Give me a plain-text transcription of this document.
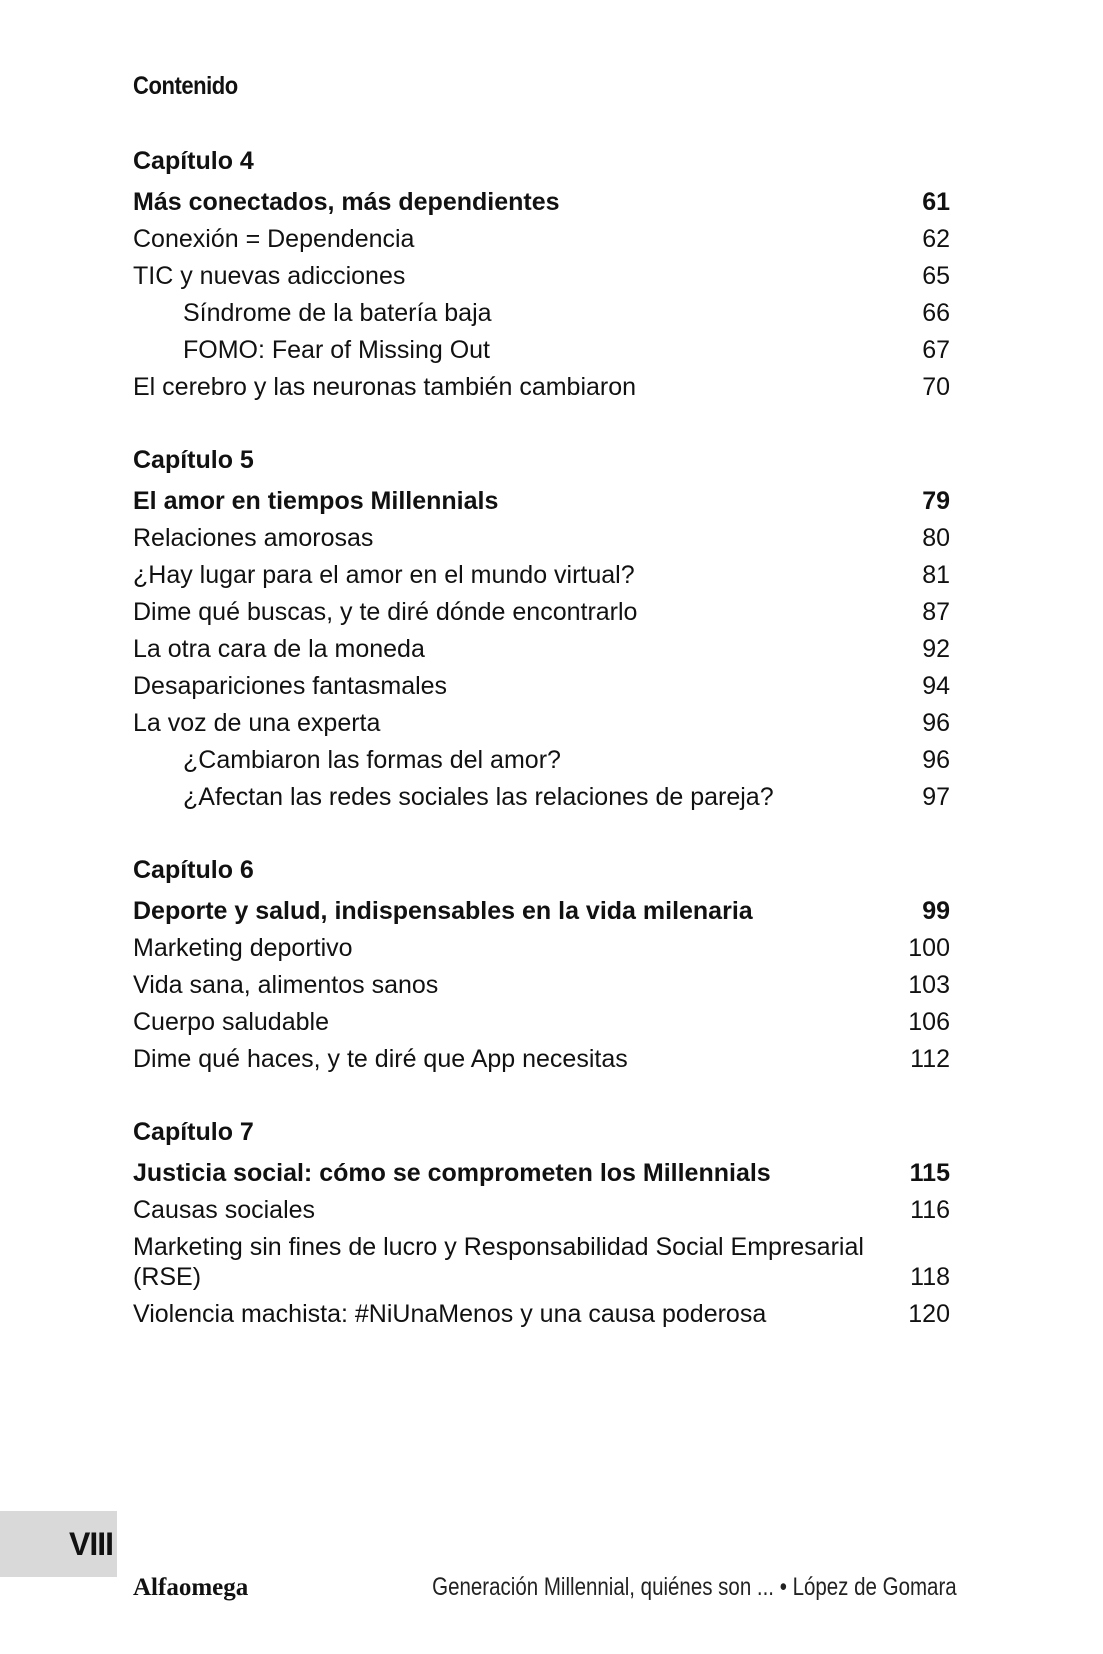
Contenido
Capítulo 4
Más conectados, más dependientes	61
Conexión = Dependencia	62
TIC y nuevas adicciones	65
Síndrome de la batería baja	66
FOMO: Fear of Missing Out	67
El cerebro y las neuronas también cambiaron	70
Capítulo 5
El amor en tiempos Millennials	79
Relaciones amorosas	80
¿Hay lugar para el amor en el mundo virtual?	81
Dime qué buscas, y te diré dónde encontrarlo	87
La otra cara de la moneda	92
Desapariciones fantasmales	94
La voz de una experta	96
¿Cambiaron las formas del amor?	96
¿Afectan las redes sociales las relaciones de pareja?	97
Capítulo 6
Deporte y salud, indispensables en la vida milenaria	99
Marketing deportivo	100
Vida sana, alimentos sanos	103
Cuerpo saludable	106
Dime qué haces, y te diré que App necesitas	112
Capítulo 7
Justicia social: cómo se comprometen los Millennials	115
Causas sociales	116
Marketing sin fines de lucro y Responsabilidad Social Empresarial (RSE)	118
Violencia machista: #NiUnaMenos y una causa poderosa	120
VIII
Alfaomega	Generación Millennial, quiénes son ... • López de Gomara
